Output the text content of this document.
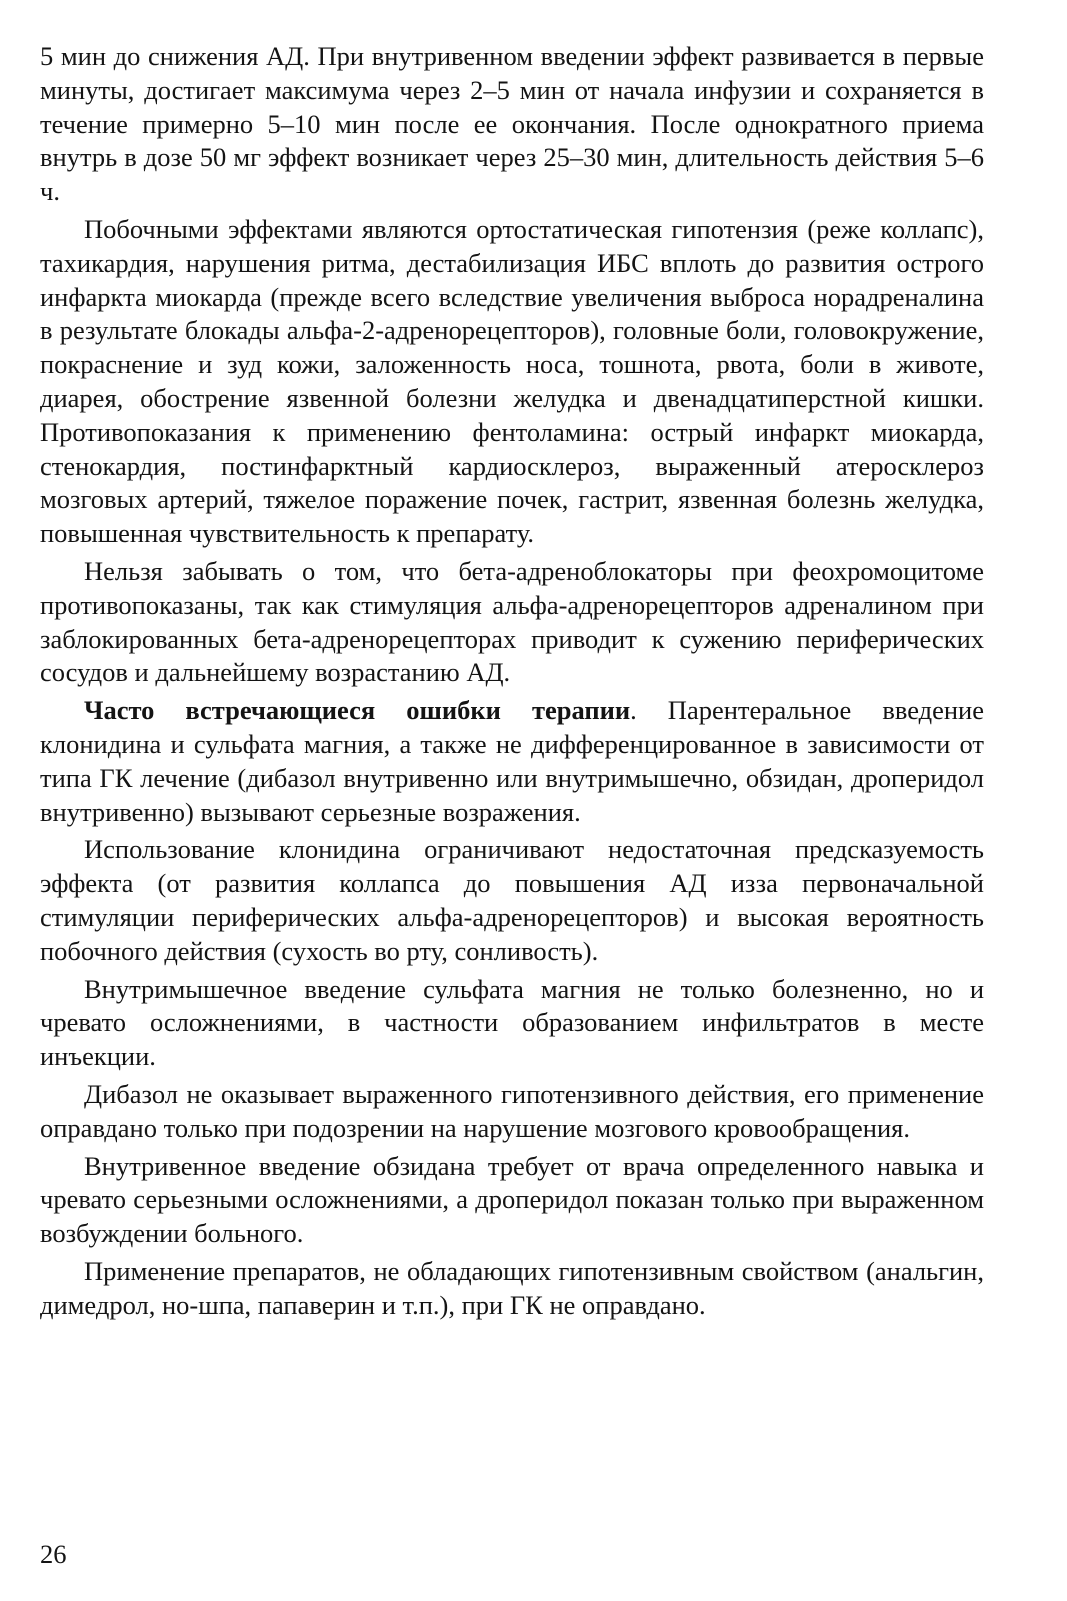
5 мин до снижения АД. При внутривенном введении эффект развивается в первые минуты, достигает максимума через 2–5 мин от начала инфузии и сохраняется в течение примерно 5–10 мин после ее окончания. После однократного приема внутрь в дозе 50 мг эффект возникает через 25–30 мин, длительность действия 5–6 ч.

Побочными эффектами являются ортостатическая гипотензия (реже коллапс), тахикардия, нарушения ритма, дестабилизация ИБС вплоть до развития острого инфаркта миокарда (прежде всего вследствие увеличения выброса норадреналина в результате блокады альфа-2-адренорецепторов), головные боли, головокружение, покраснение и зуд кожи, заложенность носа, тошнота, рвота, боли в животе, диарея, обострение язвенной болезни желудка и двенадцатиперстной кишки. Противопоказания к применению фентоламина: острый инфаркт миокарда, стенокардия, постинфарктный кардиосклероз, выраженный атеросклероз мозговых артерий, тяжелое поражение почек, гастрит, язвенная болезнь желудка, повышенная чувствительность к препарату.

Нельзя забывать о том, что бета-адреноблокаторы при феохромоцитоме противопоказаны, так как стимуляция альфа-адренорецепторов адреналином при заблокированных бета-адренорецепторах приводит к сужению периферических сосудов и дальнейшему возрастанию АД.

Часто встречающиеся ошибки терапии. Парентеральное введение клонидина и сульфата магния, а также не дифференцированное в зависимости от типа ГК лечение (дибазол внутривенно или внутримышечно, обзидан, дроперидол внутривенно) вызывают серьезные возражения.

Использование клонидина ограничивают недостаточная предсказуемость эффекта (от развития коллапса до повышения АД изза первоначальной стимуляции периферических альфа-адренорецепторов) и высокая вероятность побочного действия (сухость во рту, сонливость).

Внутримышечное введение сульфата магния не только болезненно, но и чревато осложнениями, в частности образованием инфильтратов в месте инъекции.

Дибазол не оказывает выраженного гипотензивного действия, его применение оправдано только при подозрении на нарушение мозгового кровообращения.

Внутривенное введение обзидана требует от врача определенного навыка и чревато серьезными осложнениями, а дроперидол показан только при выраженном возбуждении больного.

Применение препаратов, не обладающих гипотензивным свойством (анальгин, димедрол, но-шпа, папаверин и т.п.), при ГК не оправдано.

26
